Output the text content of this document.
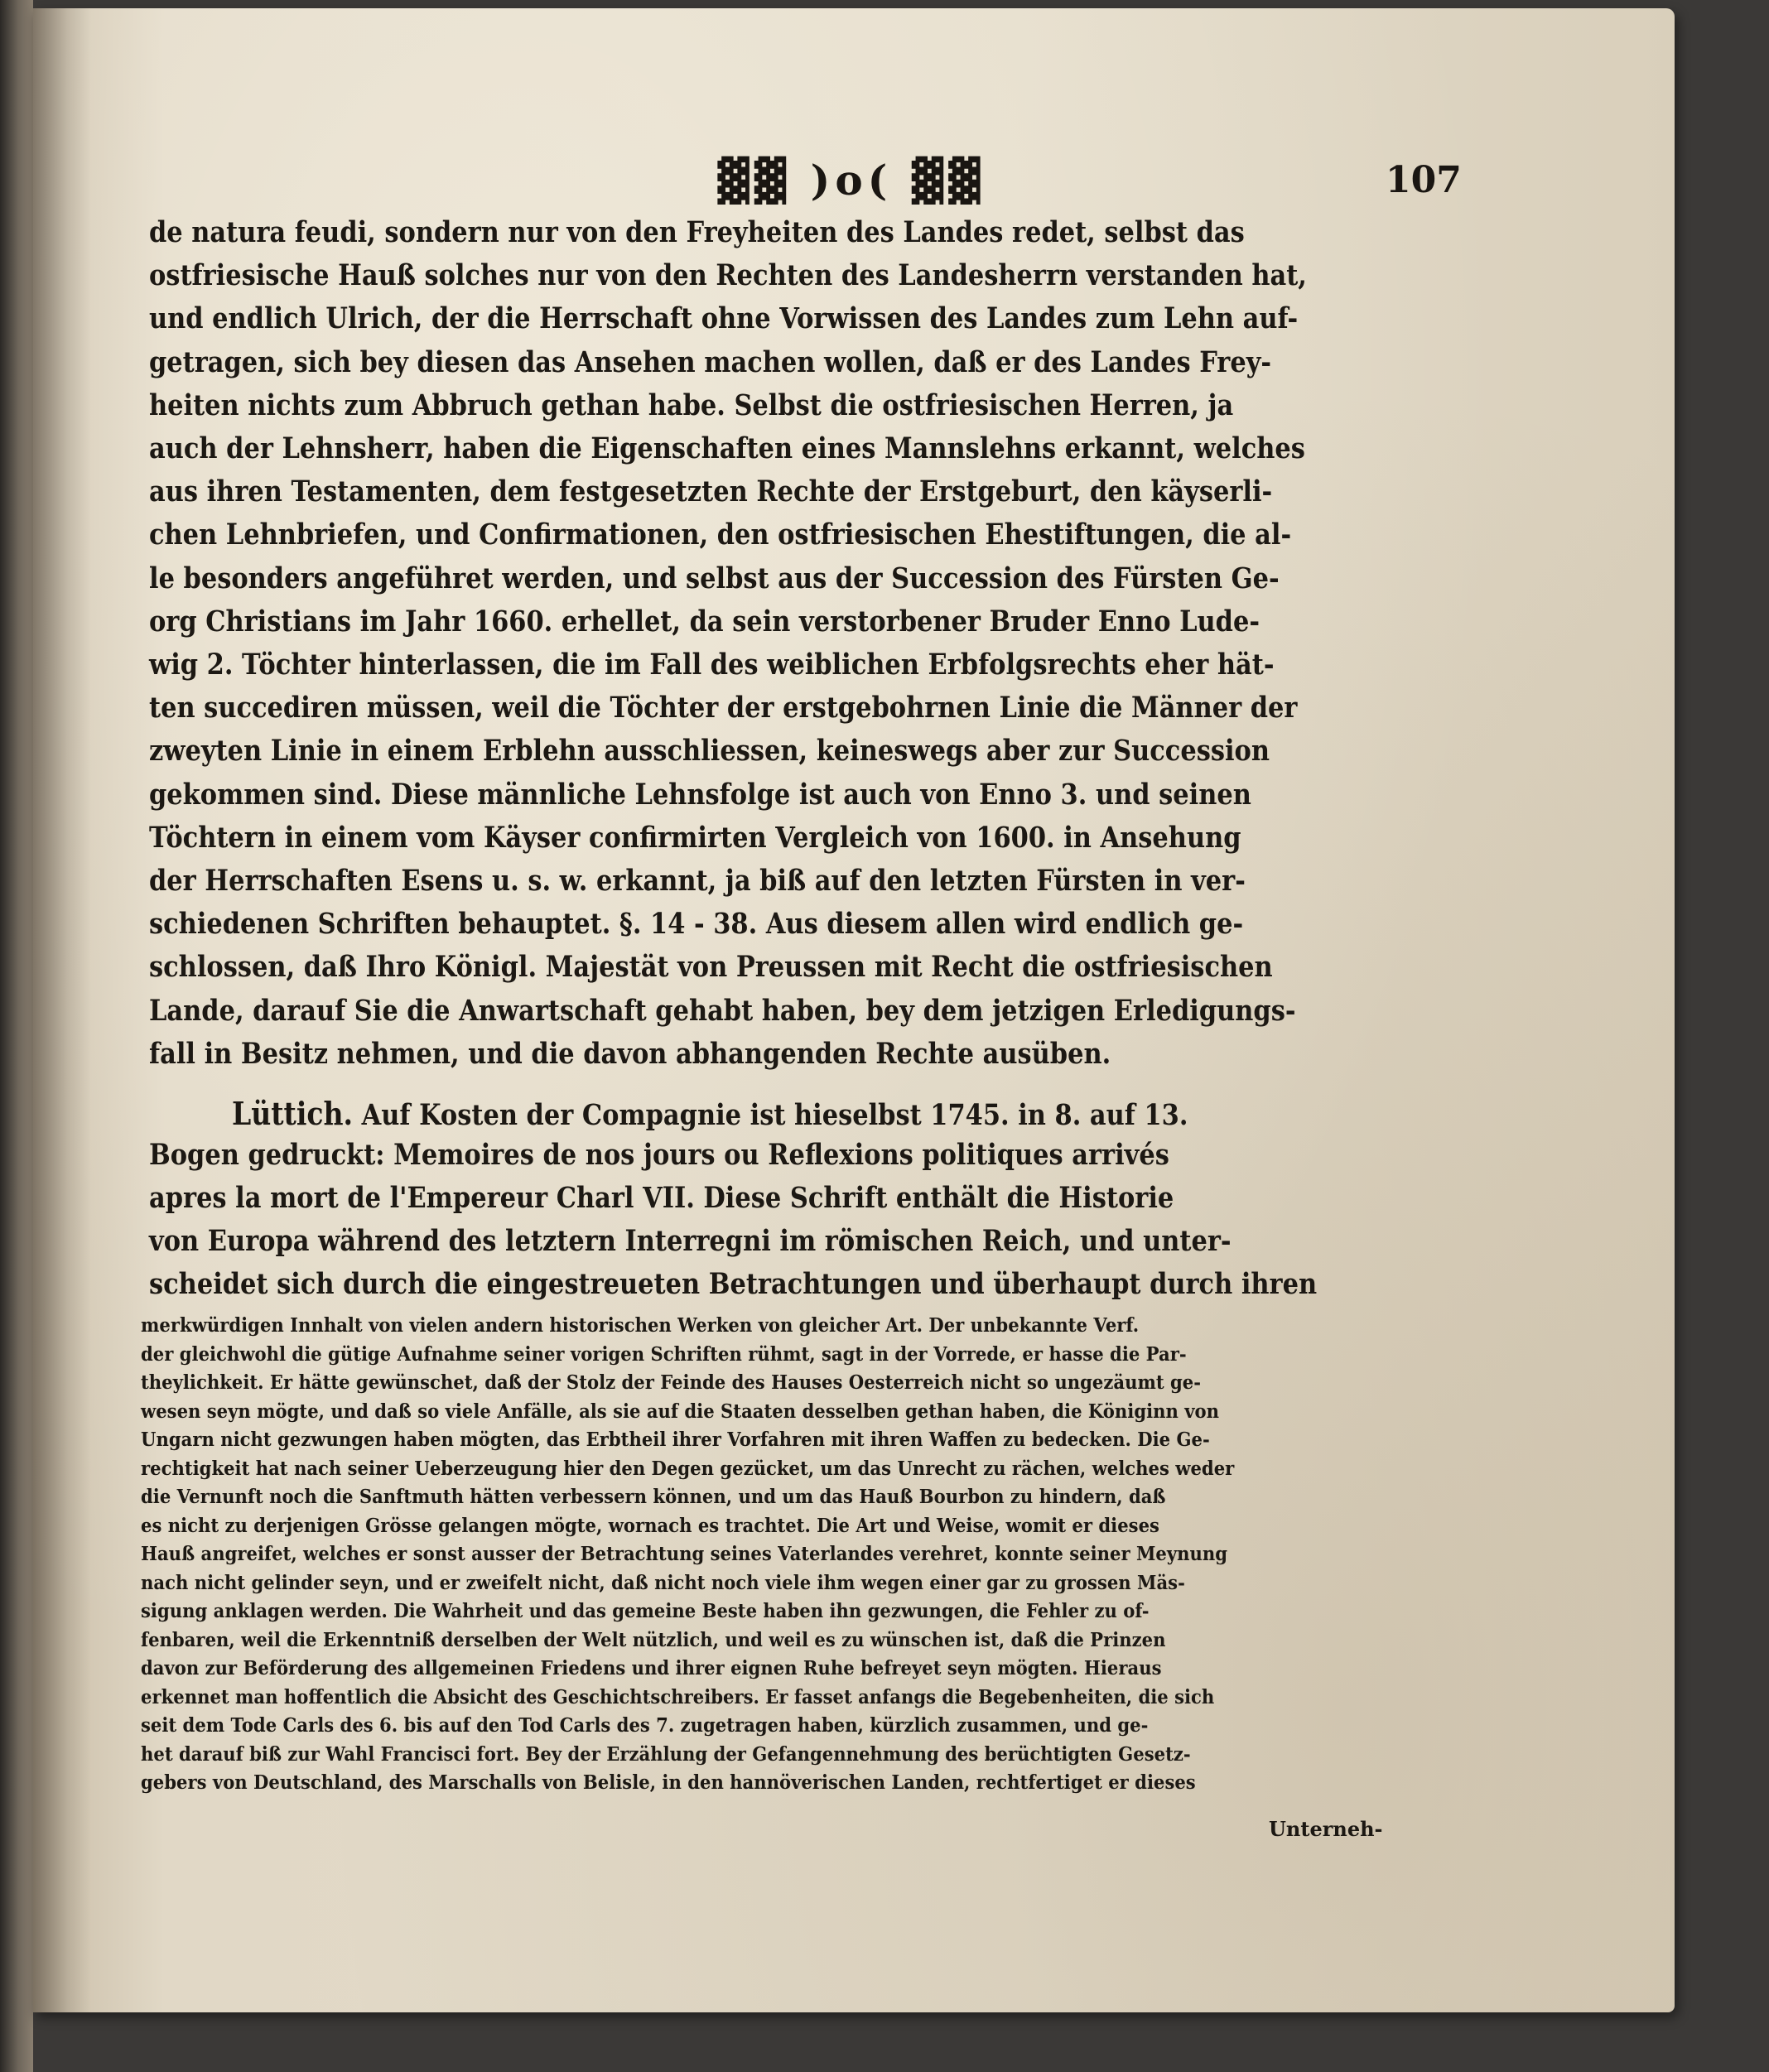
▓▓ )o( ▓▓	107
de natura feudi, sondern nur von den Freyheiten des Landes redet, selbst das
ostfriesische Hauß solches nur von den Rechten des Landesherrn verstanden hat,
und endlich Ulrich, der die Herrschaft ohne Vorwissen des Landes zum Lehn auf-
getragen, sich bey diesen das Ansehen machen wollen, daß er des Landes Frey-
heiten nichts zum Abbruch gethan habe. Selbst die ostfriesischen Herren, ja
auch der Lehnsherr, haben die Eigenschaften eines Mannslehns erkannt, welches
aus ihren Testamenten, dem festgesetzten Rechte der Erstgeburt, den käyserli-
chen Lehnbriefen, und Confirmationen, den ostfriesischen Ehestiftungen, die al-
le besonders angeführet werden, und selbst aus der Succession des Fürsten Ge-
org Christians im Jahr 1660. erhellet, da sein verstorbener Bruder Enno Lude-
wig 2. Töchter hinterlassen, die im Fall des weiblichen Erbfolgsrechts eher hät-
ten succediren müssen, weil die Töchter der erstgebohrnen Linie die Männer der
zweyten Linie in einem Erblehn ausschliessen, keineswegs aber zur Succession
gekommen sind. Diese männliche Lehnsfolge ist auch von Enno 3. und seinen
Töchtern in einem vom Käyser confirmirten Vergleich von 1600. in Ansehung
der Herrschaften Esens u. s. w. erkannt, ja biß auf den letzten Fürsten in ver-
schiedenen Schriften behauptet. §. 14 - 38. Aus diesem allen wird endlich ge-
schlossen, daß Ihro Königl. Majestät von Preussen mit Recht die ostfriesischen
Lande, darauf Sie die Anwartschaft gehabt haben, bey dem jetzigen Erledigungs-
fall in Besitz nehmen, und die davon abhangenden Rechte ausüben.
Lüttich. Auf Kosten der Compagnie ist hieselbst 1745. in 8. auf 13.
Bogen gedruckt: Memoires de nos jours ou Reflexions politiques arrivés
apres la mort de l'Empereur Charl VII. Diese Schrift enthält die Historie
von Europa während des letztern Interregni im römischen Reich, und unter-
scheidet sich durch die eingestreueten Betrachtungen und überhaupt durch ihren
merkwürdigen Innhalt von vielen andern historischen Werken von gleicher Art. Der unbekannte Verf.
der gleichwohl die gütige Aufnahme seiner vorigen Schriften rühmt, sagt in der Vorrede, er hasse die Par-
theylichkeit. Er hätte gewünschet, daß der Stolz der Feinde des Hauses Oesterreich nicht so ungezäumt ge-
wesen seyn mögte, und daß so viele Anfälle, als sie auf die Staaten desselben gethan haben, die Königinn von
Ungarn nicht gezwungen haben mögten, das Erbtheil ihrer Vorfahren mit ihren Waffen zu bedecken. Die Ge-
rechtigkeit hat nach seiner Ueberzeugung hier den Degen gezücket, um das Unrecht zu rächen, welches weder
die Vernunft noch die Sanftmuth hätten verbessern können, und um das Hauß Bourbon zu hindern, daß
es nicht zu derjenigen Grösse gelangen mögte, wornach es trachtet. Die Art und Weise, womit er dieses
Hauß angreifet, welches er sonst ausser der Betrachtung seines Vaterlandes verehret, konnte seiner Meynung
nach nicht gelinder seyn, und er zweifelt nicht, daß nicht noch viele ihm wegen einer gar zu grossen Mäs-
sigung anklagen werden. Die Wahrheit und das gemeine Beste haben ihn gezwungen, die Fehler zu of-
fenbaren, weil die Erkenntniß derselben der Welt nützlich, und weil es zu wünschen ist, daß die Prinzen
davon zur Beförderung des allgemeinen Friedens und ihrer eignen Ruhe befreyet seyn mögten. Hieraus
erkennet man hoffentlich die Absicht des Geschichtschreibers. Er fasset anfangs die Begebenheiten, die sich
seit dem Tode Carls des 6. bis auf den Tod Carls des 7. zugetragen haben, kürzlich zusammen, und ge-
het darauf biß zur Wahl Francisci fort. Bey der Erzählung der Gefangennehmung des berüchtigten Gesetz-
gebers von Deutschland, des Marschalls von Belisle, in den hannöverischen Landen, rechtfertiget er dieses
Unterneh-
